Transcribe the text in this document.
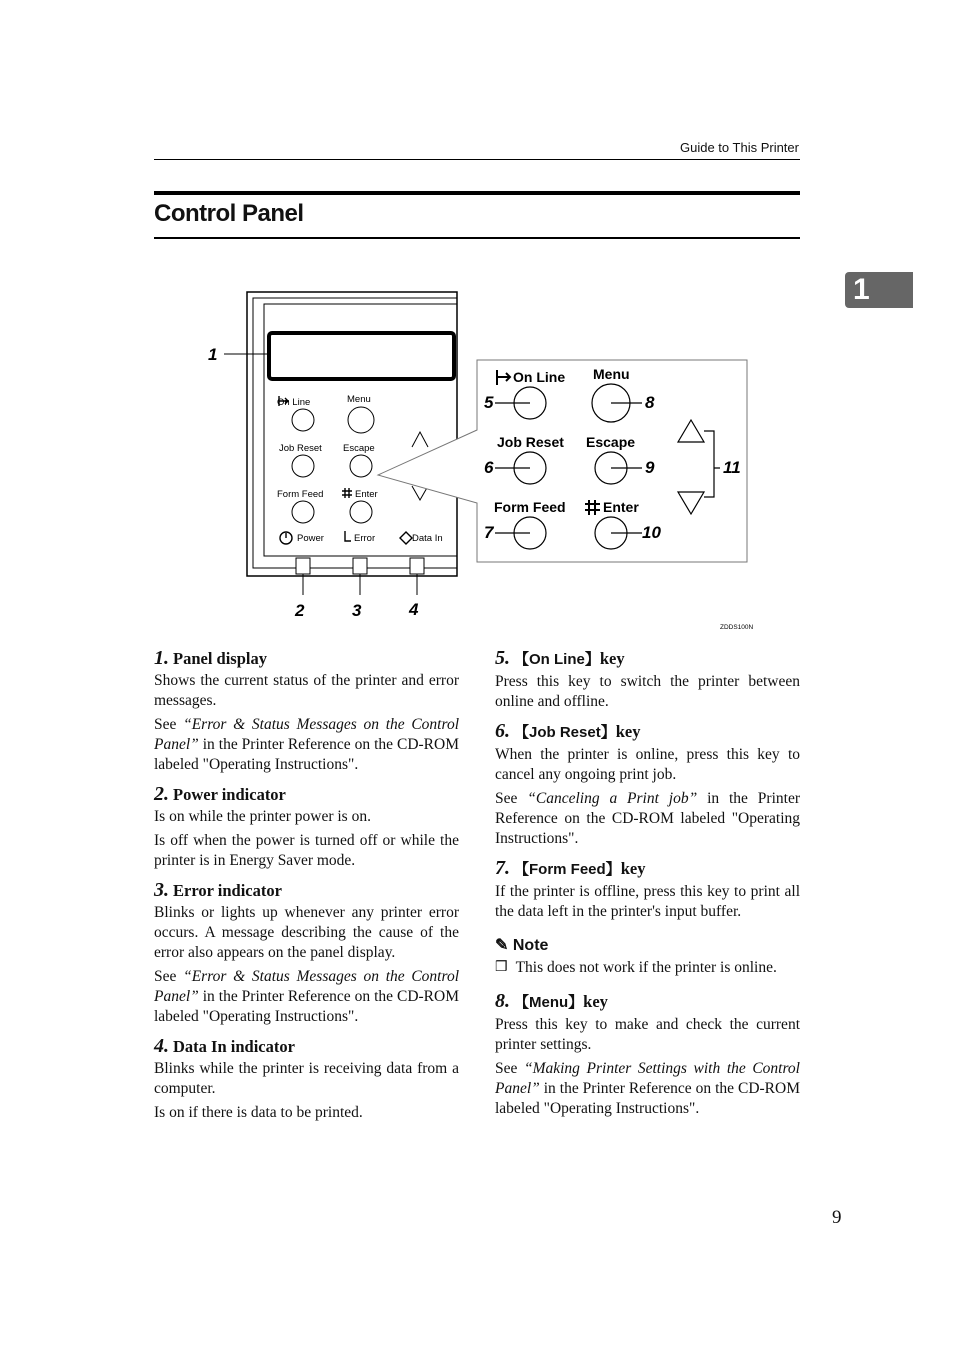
Guide to This Printer
Control Panel
1
On Line	Menu
Job Reset Escape
Form Feed	Enter
Power	Error	Data In
On Line Menu
Job Reset Escape
Form Feed	Enter
1
2	3	4
5
6
7
8
9
10
11
ZDDS100N
1. Panel display
Shows the current status of the printer and error messages.
See “Error & Status Messages on the Control Panel” in the Printer Reference on the CD-ROM labeled "Operating Instructions".
2. Power indicator
Is on while the printer power is on.
Is off when the power is turned off or while the printer is in Energy Saver mode.
3. Error indicator
Blinks or lights up whenever any printer error occurs. A message describing the cause of the error also appears on the panel display.
See “Error & Status Messages on the Control Panel” in the Printer Reference on the CD-ROM labeled "Operating Instructions".
4. Data In indicator
Blinks while the printer is receiving data from a computer.
Is on if there is data to be printed.
5. 【On Line】key
Press this key to switch the printer between online and offline.
6. 【Job Reset】key
When the printer is online, press this key to cancel any ongoing print job.
See “Canceling a Print job” in the Printer Reference on the CD-ROM labeled "Operating Instructions".
7. 【Form Feed】key
If the printer is offline, press this key to print all the data left in the printer's input buffer.
✎ Note
❒ This does not work if the printer is online.
8. 【Menu】key
Press this key to make and check the current printer settings.
See “Making Printer Settings with the Control Panel” in the Printer Reference on the CD-ROM labeled "Operating Instructions".
9
